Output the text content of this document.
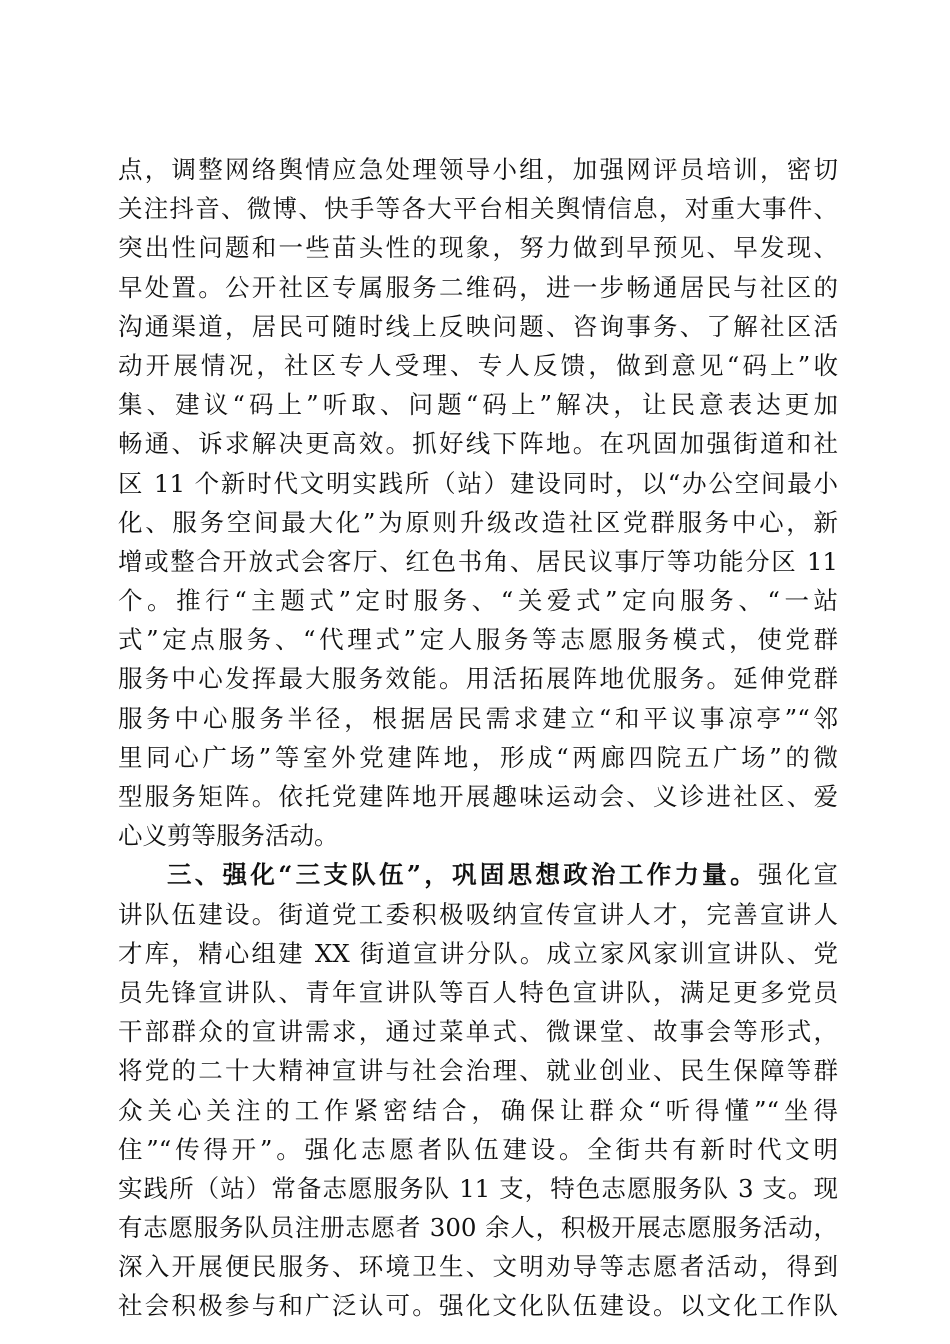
点，调整网络舆情应急处理领导小组，加强网评员培训，密切
关注抖音、微博、快手等各大平台相关舆情信息，对重大事件、
突出性问题和一些苗头性的现象，努力做到早预见、早发现、
早处置。公开社区专属服务二维码，进一步畅通居民与社区的
沟通渠道，居民可随时线上反映问题、咨询事务、了解社区活
动开展情况，社区专人受理、专人反馈，做到意见“码上”收
集、建议“码上”听取、问题“码上”解决，让民意表达更加
畅通、诉求解决更高效。抓好线下阵地。在巩固加强街道和社
区 11 个新时代文明实践所（站）建设同时，以“办公空间最小
化、服务空间最大化”为原则升级改造社区党群服务中心，新
增或整合开放式会客厅、红色书角、居民议事厅等功能分区 11
个。推行“主题式”定时服务、“关爱式”定向服务、“一站
式”定点服务、“代理式”定人服务等志愿服务模式，使党群
服务中心发挥最大服务效能。用活拓展阵地优服务。延伸党群
服务中心服务半径，根据居民需求建立“和平议事凉亭”“邻
里同心广场”等室外党建阵地，形成“两廊四院五广场”的微
型服务矩阵。依托党建阵地开展趣味运动会、义诊进社区、爱
心义剪等服务活动。
三、强化“三支队伍”，巩固思想政治工作力量。强化宣
讲队伍建设。街道党工委积极吸纳宣传宣讲人才，完善宣讲人
才库，精心组建 XX 街道宣讲分队。成立家风家训宣讲队、党
员先锋宣讲队、青年宣讲队等百人特色宣讲队，满足更多党员
干部群众的宣讲需求，通过菜单式、微课堂、故事会等形式，
将党的二十大精神宣讲与社会治理、就业创业、民生保障等群
众关心关注的工作紧密结合，确保让群众“听得懂”“坐得
住”“传得开”。强化志愿者队伍建设。全街共有新时代文明
实践所（站）常备志愿服务队 11 支，特色志愿服务队 3 支。现
有志愿服务队员注册志愿者 300 余人，积极开展志愿服务活动，
深入开展便民服务、环境卫生、文明劝导等志愿者活动，得到
社会积极参与和广泛认可。强化文化队伍建设。以文化工作队
